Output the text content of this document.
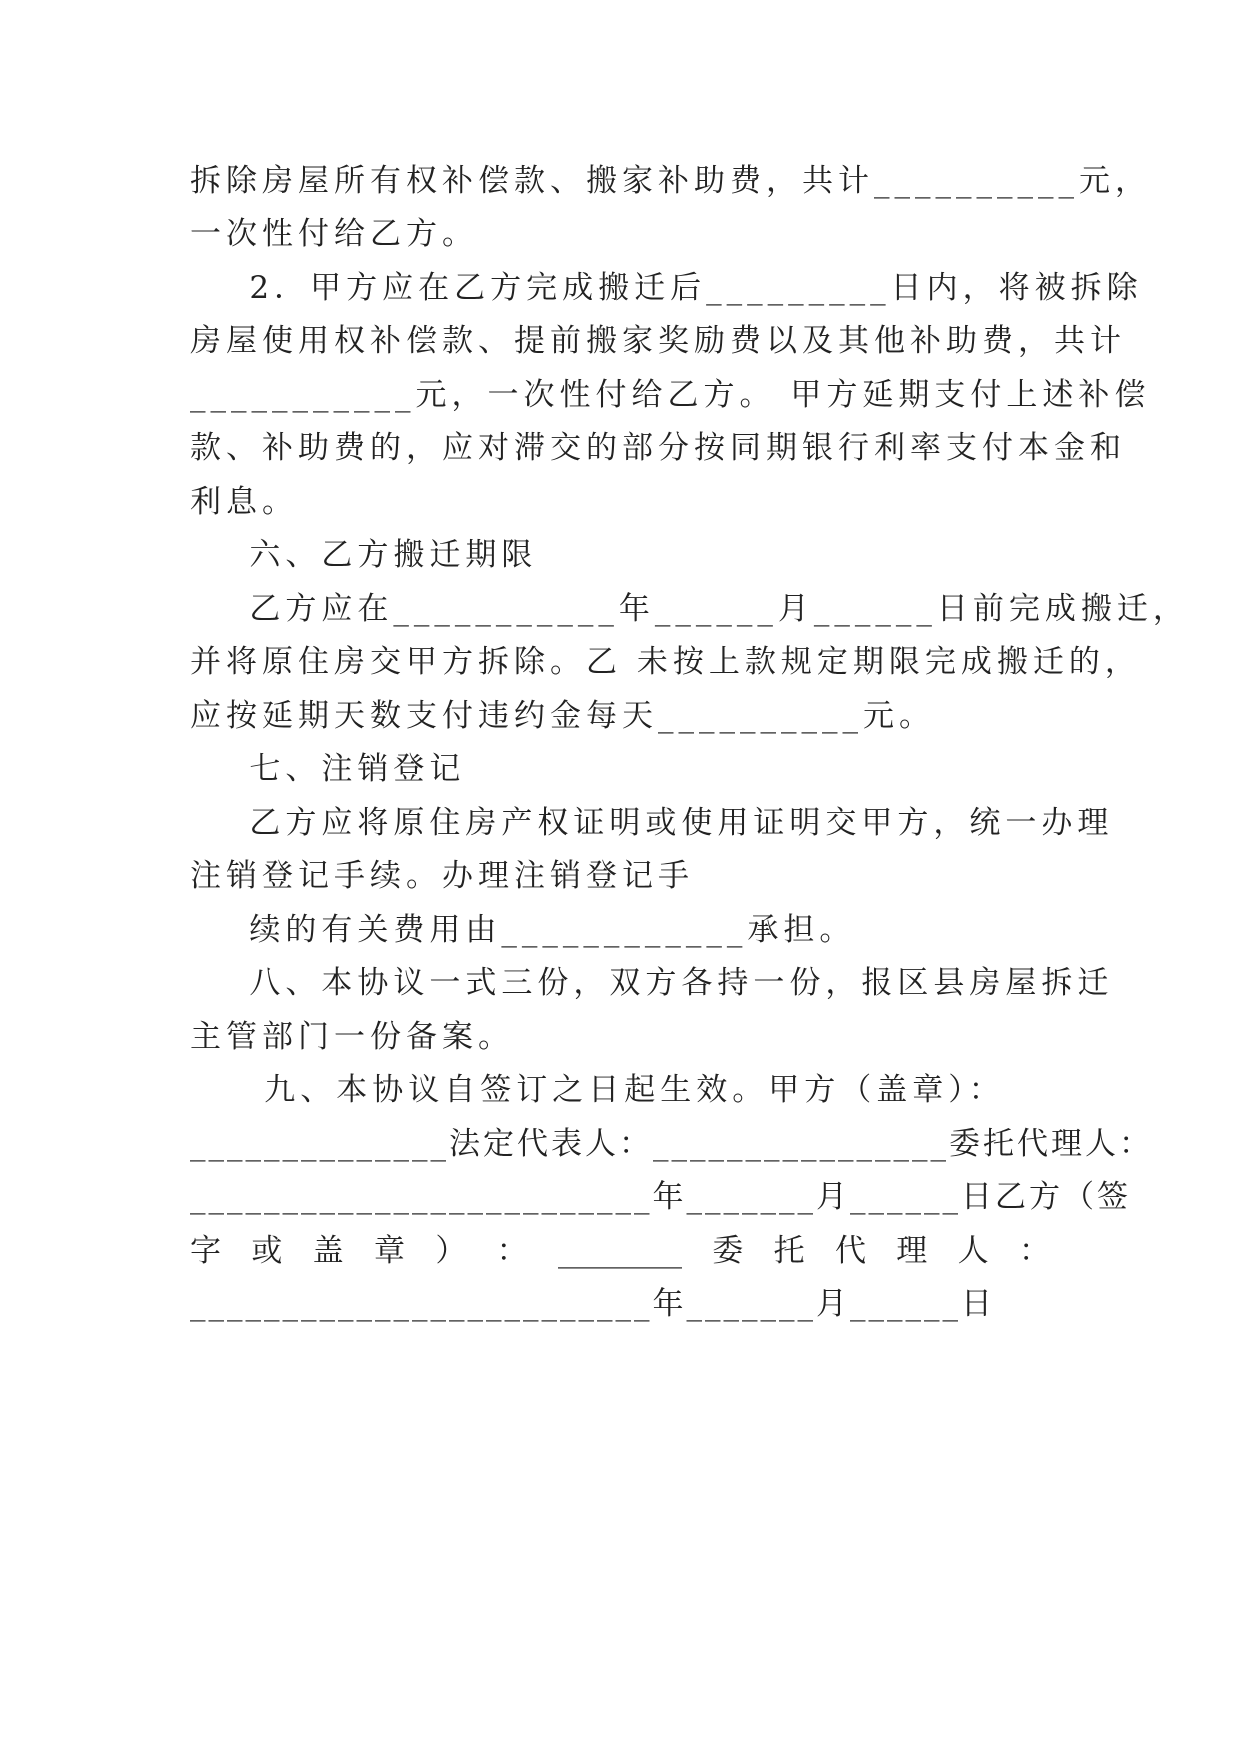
拆除房屋所有权补偿款、搬家补助费，共计__________元，
一次性付给乙方。
2．甲方应在乙方完成搬迁后_________日内，将被拆除
房屋使用权补偿款、提前搬家奖励费以及其他补助费，共计
___________元，一次性付给乙方。 甲方延期支付上述补偿
款、补助费的，应对滞交的部分按同期银行利率支付本金和
利息。
六、乙方搬迁期限
乙方应在___________年______月______日前完成搬迁，
并将原住房交甲方拆除。乙 未按上款规定期限完成搬迁的，
应按延期天数支付违约金每天__________元。
七、注销登记
乙方应将原住房产权证明或使用证明交甲方，统一办理
注销登记手续。办理注销登记手
续的有关费用由____________承担。
八、本协议一式三份，双方各持一份，报区县房屋拆迁
主管部门一份备案。
九、本协议自签订之日起生效。甲方（盖章）：
______________法定代表人：________________委托代理人：
_________________________年_______月______日乙方（签
字 或 盖 章 ） ： ________ 委 托 代 理 人 ：
_________________________年_______月______日
